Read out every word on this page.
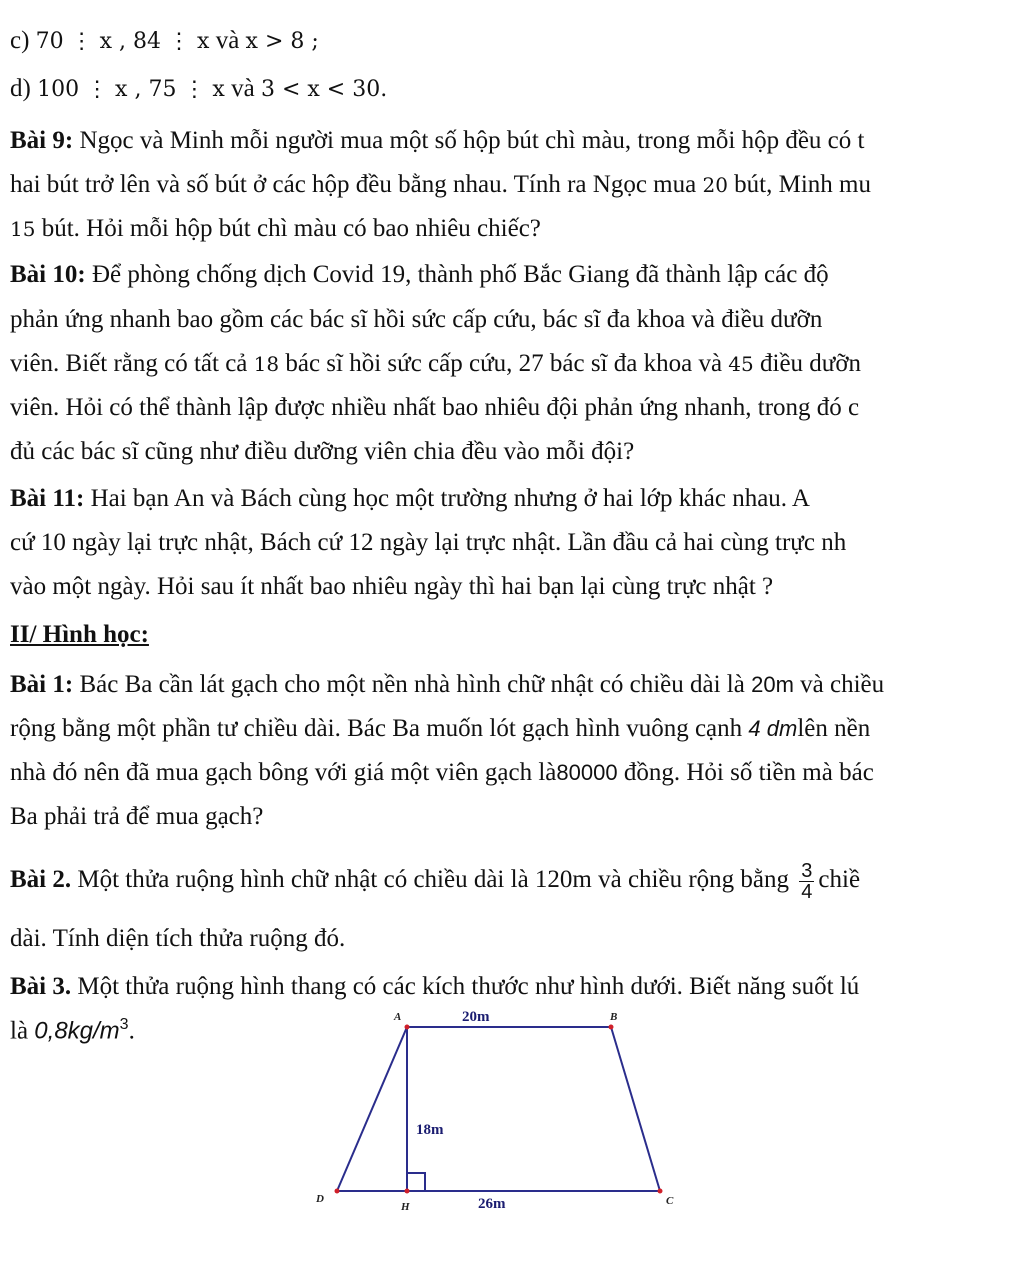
c) 70 ⋮ x , 84 ⋮ x và x > 8 ;
d) 100 ⋮ x , 75 ⋮ x và 3 < x < 30.
Bài 9: Ngọc và Minh mỗi người mua một số hộp bút chì màu, trong mỗi hộp đều có t
hai bút trở lên và số bút ở các hộp đều bằng nhau. Tính ra Ngọc mua 20 bút, Minh mu
15 bút. Hỏi mỗi hộp bút chì màu có bao nhiêu chiếc?
Bài 10: Để phòng chống dịch Covid 19, thành phố Bắc Giang đã thành lập các độ
phản ứng nhanh bao gồm các bác sĩ hồi sức cấp cứu, bác sĩ đa khoa và điều dưỡn
viên. Biết rằng có tất cả 18 bác sĩ hồi sức cấp cứu, 27 bác sĩ đa khoa và 45 điều dưỡn
viên. Hỏi có thể thành lập được nhiều nhất bao nhiêu đội phản ứng nhanh, trong đó c
đủ các bác sĩ cũng như điều dưỡng viên chia đều vào mỗi đội?
Bài 11: Hai bạn An và Bách cùng học một trường nhưng ở hai lớp khác nhau. A
cứ 10 ngày lại trực nhật, Bách cứ 12 ngày lại trực nhật. Lần đầu cả hai cùng trực nh
vào một ngày. Hỏi sau ít nhất bao nhiêu ngày thì hai bạn lại cùng trực nhật ?
II/ Hình học:
Bài 1: Bác Ba cần lát gạch cho một nền nhà hình chữ nhật có chiều dài là 20m và chiều
rộng bằng một phần tư chiều dài. Bác Ba muốn lót gạch hình vuông cạnh 4 dmlên nền
nhà đó nên đã mua gạch bông với giá một viên gạch là80000 đồng. Hỏi số tiền mà bác
Ba phải trả để mua gạch?
Bài 2. Một thửa ruộng hình chữ nhật có chiều dài là 120m và chiều rộng bằng $\frac{3}{4}$ chiề
dài. Tính diện tích thửa ruộng đó.
Bài 3. Một thửa ruộng hình thang có các kích thước như hình dưới. Biết năng suốt lú
là $0,8kg/m^3$.
A	B
C
D
H
20m
18m
26m
